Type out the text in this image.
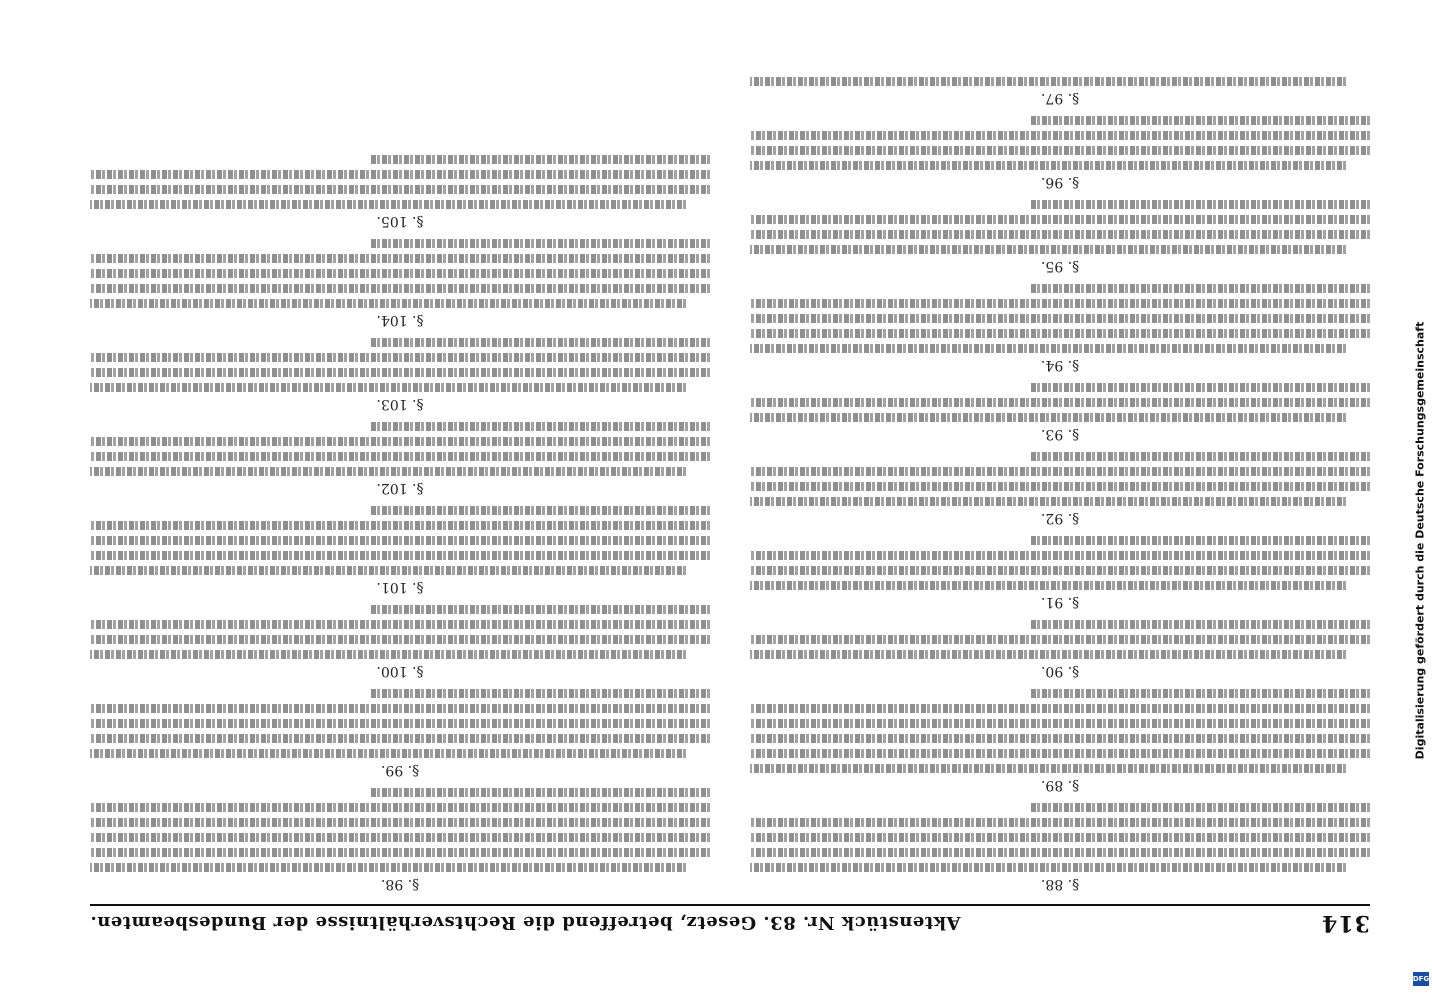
314
Aktenstück Nr. 83. Gesetz, betreffend die Rechtsverhältnisse der Bundesbeamten.
§. 88.
§. 89.
§. 90.
§. 91.
§. 92.
§. 93.
§. 94.
§. 95.
§. 96.
§. 97.
§. 98.
§. 99.
§. 100.
§. 101.
§. 102.
§. 103.
§. 104.
§. 105.
Digitalisierung gefördert durch die Deutsche Forschungsgemeinschaft
DFG
